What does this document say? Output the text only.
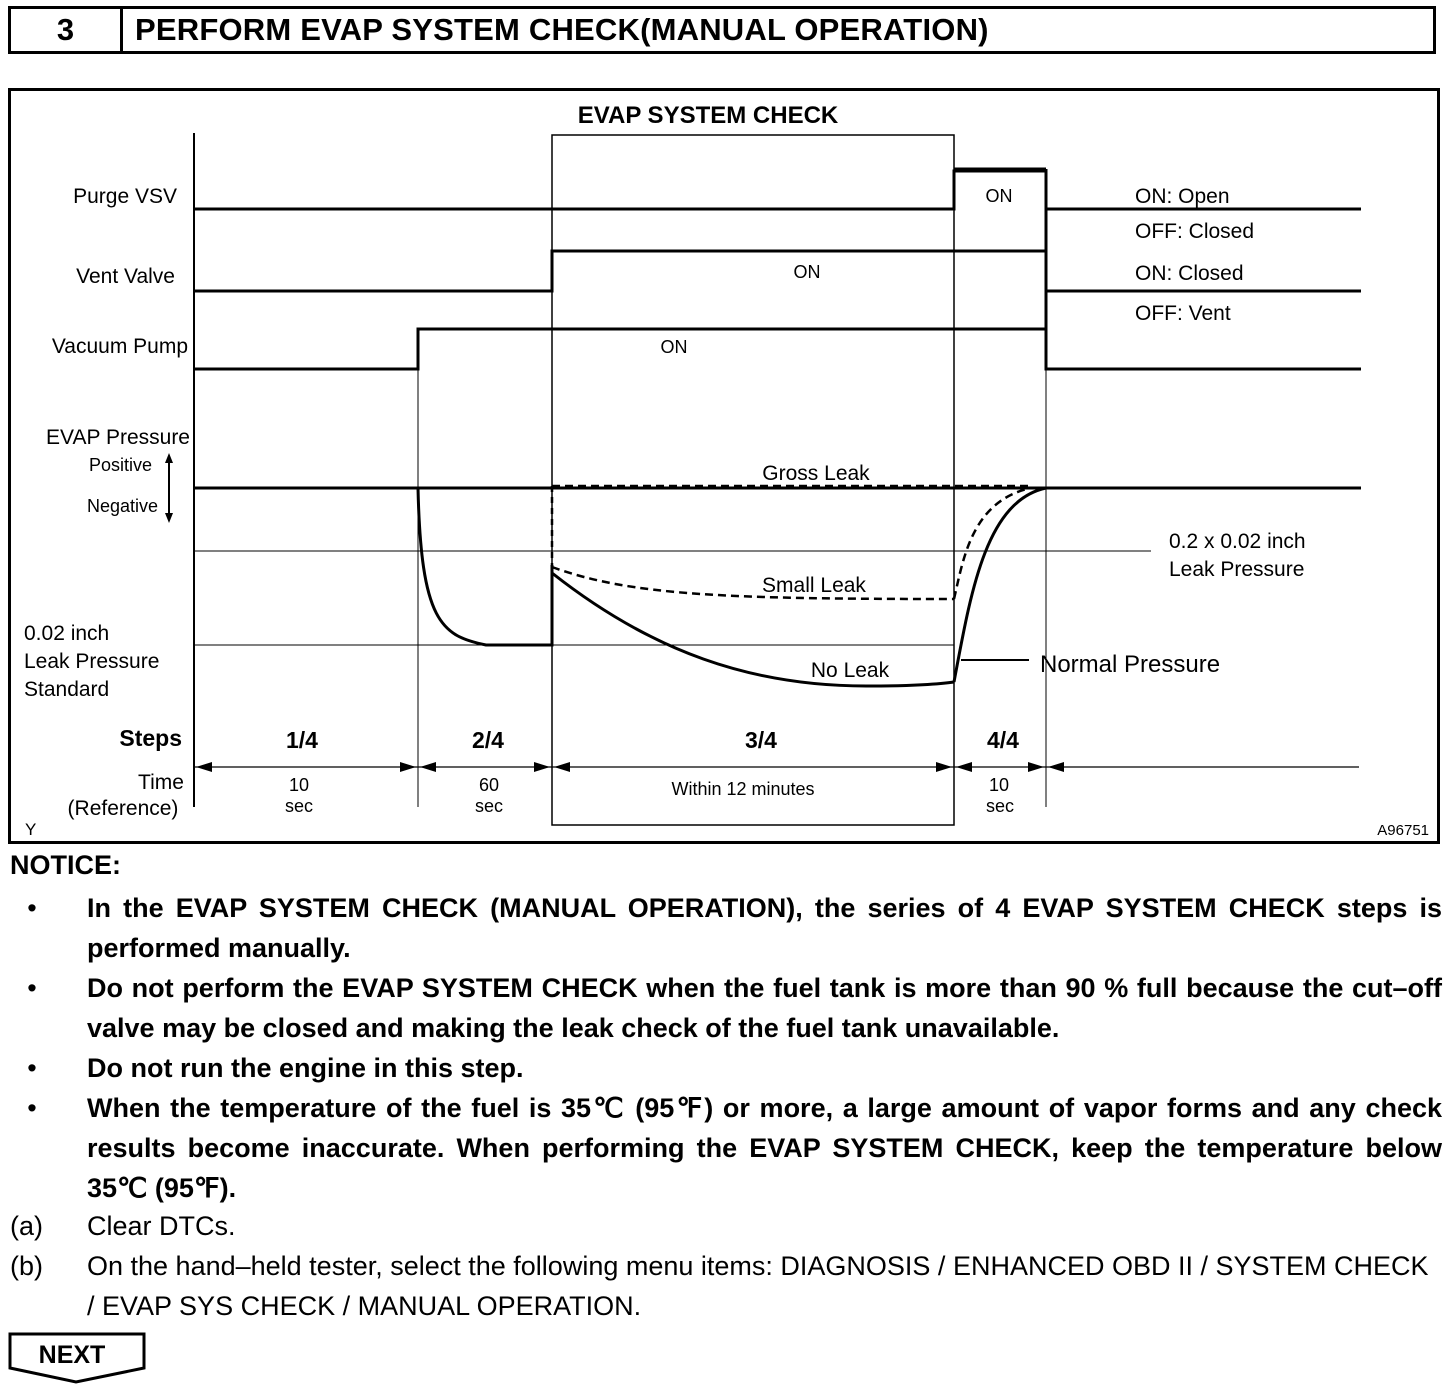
3	PERFORM EVAP SYSTEM CHECK(MANUAL OPERATION)
EVAP SYSTEM CHECK
Purge VSV
Vent Valve
Vacuum Pump
EVAP Pressure
Positive
Negative
0.02 inch
Leak Pressure
Standard
Steps
Time
(Reference)
ON
ON
ON
ON: Open
OFF: Closed
ON: Closed
OFF: Vent
Gross Leak
Small Leak
No Leak
0.2 x 0.02 inch
Leak Pressure
Normal Pressure
1/4	2/4	3/4	4/4
10
sec
60
sec
Within 12 minutes	10
sec
Y	A96751
NOTICE:
• In the EVAP SYSTEM CHECK (MANUAL OPERATION), the series of 4 EVAP SYSTEM CHECK steps is performed manually.
• Do not perform the EVAP SYSTEM CHECK when the fuel tank is more than 90 % full because the cut–off valve may be closed and making the leak check of the fuel tank unavailable.
• Do not run the engine in this step.
• When the temperature of the fuel is 35℃ (95℉) or more, a large amount of vapor forms and any check results become inaccurate. When performing the EVAP SYSTEM CHECK, keep the temperature below 35℃ (95℉).
(a) Clear DTCs.
(b) On the hand–held tester, select the following menu items: DIAGNOSIS / ENHANCED OBD II / SYSTEM CHECK / EVAP SYS CHECK / MANUAL OPERATION.
NEXT
